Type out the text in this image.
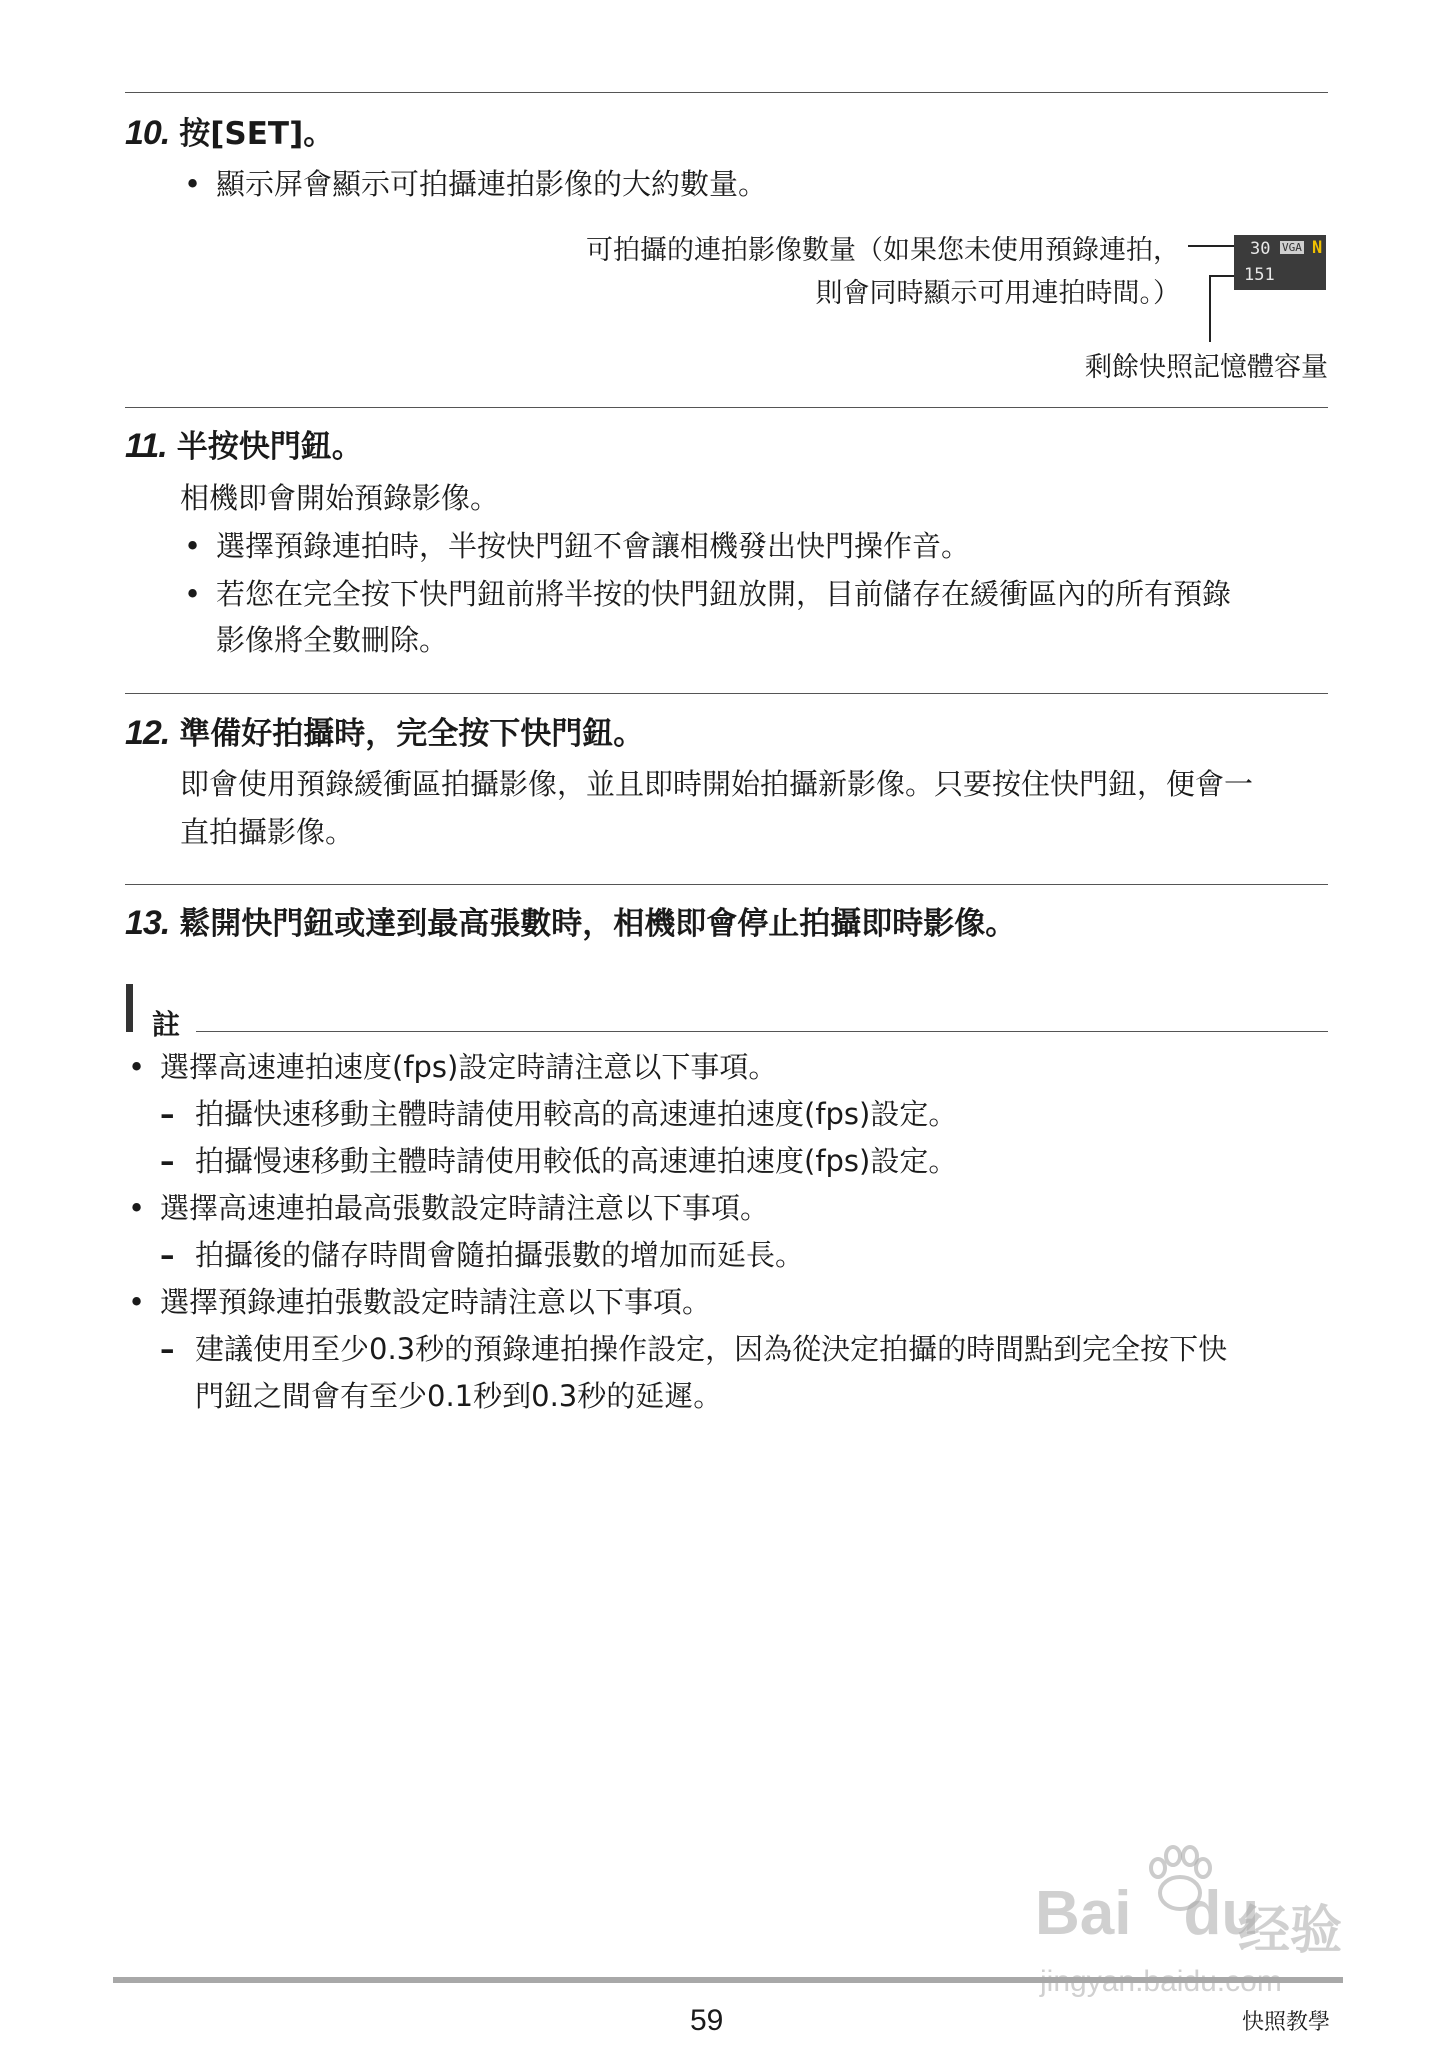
10. 按[SET]。
• 顯示屏會顯示可拍攝連拍影像的大約數量。
可拍攝的連拍影像數量（如果您未使用預錄連拍，
則會同時顯示可用連拍時間。）
30 VGA N
151
剩餘快照記憶體容量
11. 半按快門鈕。
相機即會開始預錄影像。
• 選擇預錄連拍時，半按快門鈕不會讓相機發出快門操作音。
• 若您在完全按下快門鈕前將半按的快門鈕放開，目前儲存在緩衝區內的所有預錄
影像將全數刪除。
12. 準備好拍攝時，完全按下快門鈕。
即會使用預錄緩衝區拍攝影像，並且即時開始拍攝新影像。只要按住快門鈕，便會一
直拍攝影像。
13. 鬆開快門鈕或達到最高張數時，相機即會停止拍攝即時影像。
註
• 選擇高速連拍速度(fps)設定時請注意以下事項。
– 拍攝快速移動主體時請使用較高的高速連拍速度(fps)設定。
– 拍攝慢速移動主體時請使用較低的高速連拍速度(fps)設定。
• 選擇高速連拍最高張數設定時請注意以下事項。
– 拍攝後的儲存時間會隨拍攝張數的增加而延長。
• 選擇預錄連拍張數設定時請注意以下事項。
– 建議使用至少0.3秒的預錄連拍操作設定，因為從決定拍攝的時間點到完全按下快
門鈕之間會有至少0.1秒到0.3秒的延遲。
Bai du
经验
59	快照教學
